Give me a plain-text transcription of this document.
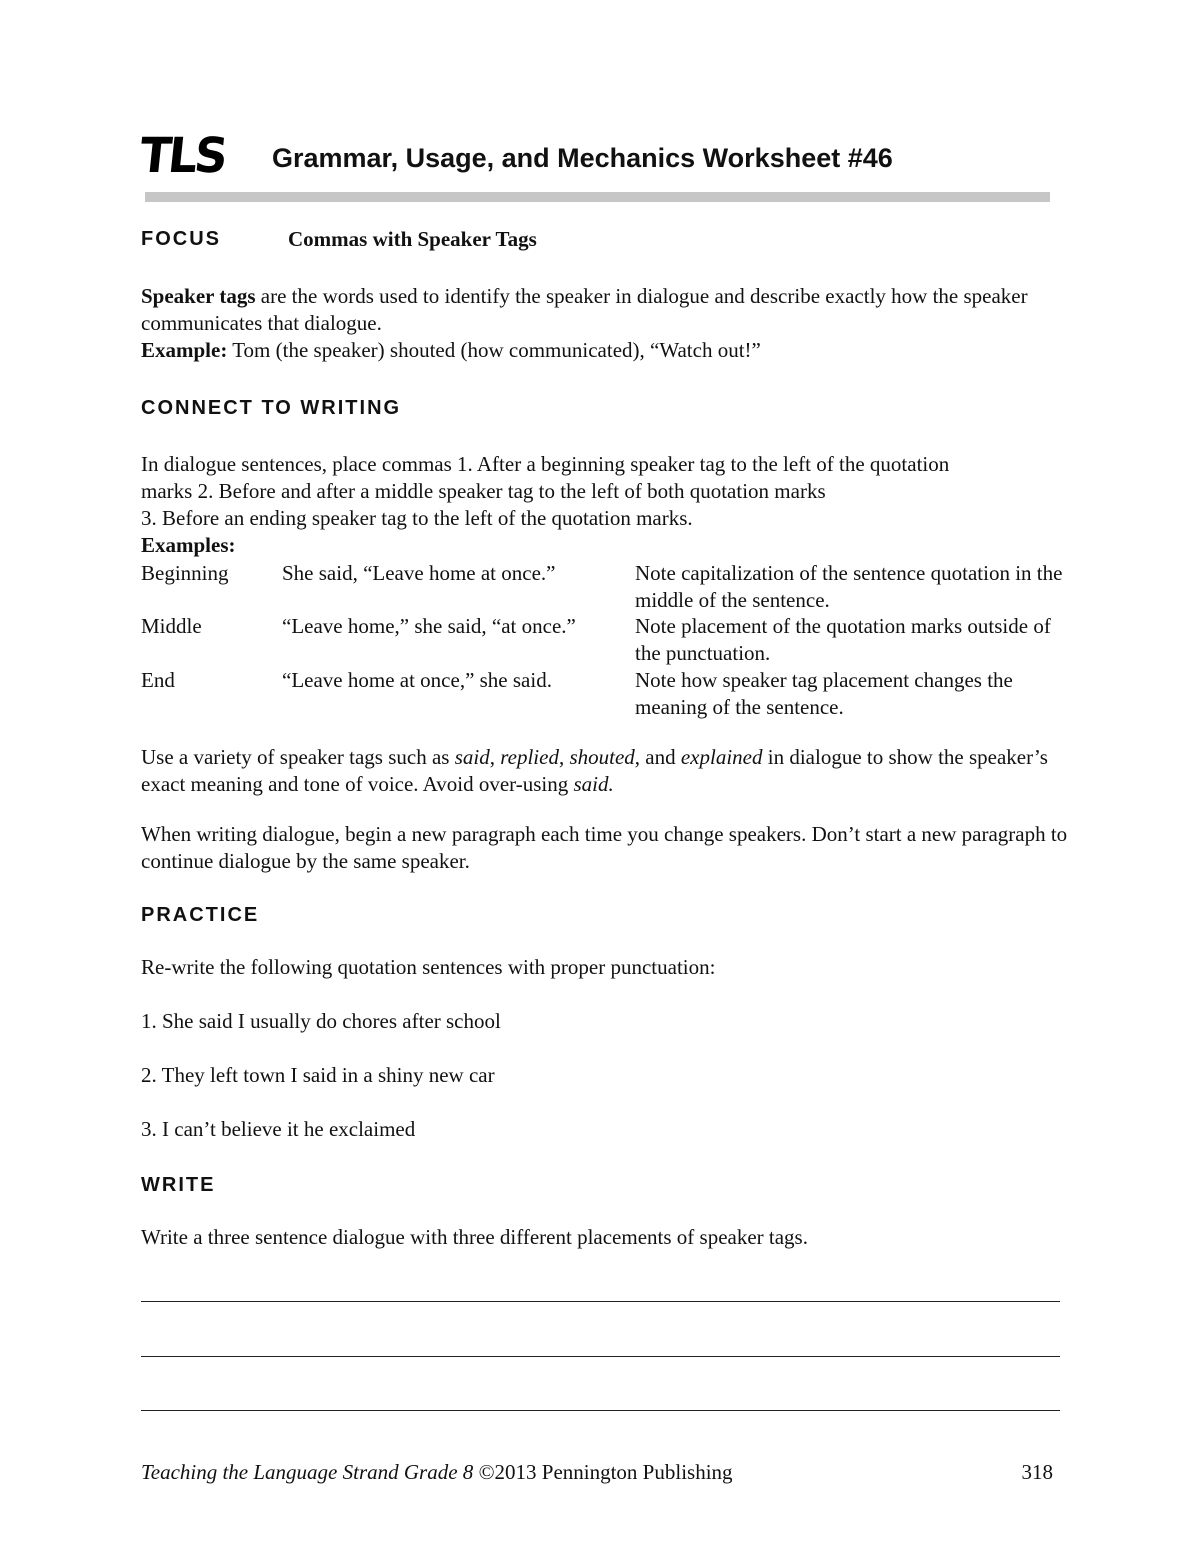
TLS Grammar, Usage, and Mechanics Worksheet #46
FOCUS	Commas with Speaker Tags

Speaker tags are the words used to identify the speaker in dialogue and describe exactly how the speaker communicates that dialogue.

Example: Tom (the speaker) shouted (how communicated), “Watch out!”

CONNECT TO WRITING

In dialogue sentences, place commas 1. After a beginning speaker tag to the left of the quotation

marks 2. Before and after a middle speaker tag to the left of both quotation marks

3. Before an ending speaker tag to the left of the quotation marks.

Examples:

Beginning	She said, “Leave home at once.”	Note capitalization of the sentence quotation in the middle of the sentence.
Middle	“Leave home,” she said, “at once.”	Note placement of the quotation marks outside of the punctuation.
End	“Leave home at once,” she said.	Note how speaker tag placement changes the meaning of the sentence.

Use a variety of speaker tags such as said, replied, shouted, and explained in dialogue to show the speaker’s exact meaning and tone of voice. Avoid over-using said.

When writing dialogue, begin a new paragraph each time you change speakers. Don’t start a new paragraph to continue dialogue by the same speaker.
PRACTICE
Re-write the following quotation sentences with proper punctuation:
1. She said I usually do chores after school
2. They left town I said in a shiny new car
3. I can’t believe it he exclaimed
WRITE
Write a three sentence dialogue with three different placements of speaker tags.
Teaching the Language Strand Grade 8 ©2013 Pennington Publishing	318
